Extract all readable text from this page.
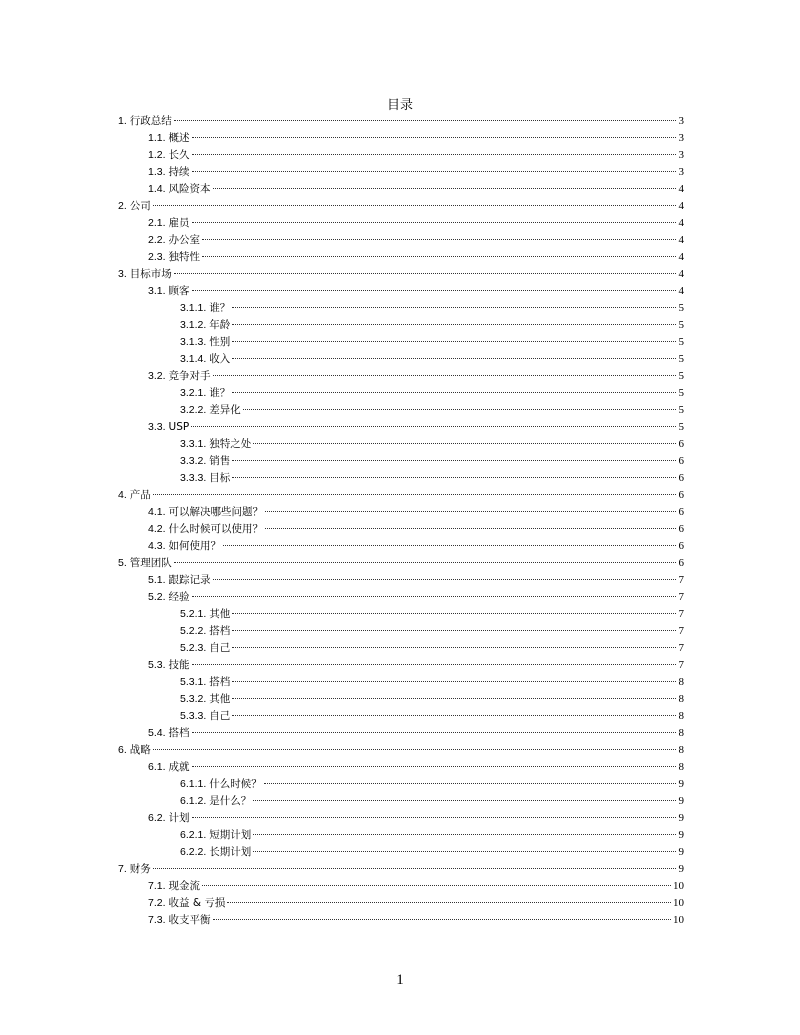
目录
1. 行政总结	3
1.1. 概述	3
1.2. 长久	3
1.3. 持续	3
1.4. 风险资本	4
2. 公司	4
2.1. 雇员	4
2.2. 办公室	4
2.3. 独特性	4
3. 目标市场	4
3.1. 顾客	4
3.1.1. 谁？	5
3.1.2. 年龄	5
3.1.3. 性别	5
3.1.4. 收入	5
3.2. 竞争对手	5
3.2.1. 谁？	5
3.2.2. 差异化	5
3.3. USP	5
3.3.1. 独特之处	6
3.3.2. 销售	6
3.3.3. 目标	6
4. 产品	6
4.1. 可以解决哪些问题？	6
4.2. 什么时候可以使用？	6
4.3. 如何使用？	6
5. 管理团队	6
5.1. 跟踪记录	7
5.2. 经验	7
5.2.1. 其他	7
5.2.2. 搭档	7
5.2.3. 自己	7
5.3. 技能	7
5.3.1. 搭档	8
5.3.2. 其他	8
5.3.3. 自己	8
5.4. 搭档	8
6. 战略	8
6.1. 成就	8
6.1.1. 什么时候？	9
6.1.2. 是什么？	9
6.2. 计划	9
6.2.1. 短期计划	9
6.2.2. 长期计划	9
7. 财务	9
7.1. 现金流	10
7.2. 收益 & 亏损	10
7.3. 收支平衡	10
1
